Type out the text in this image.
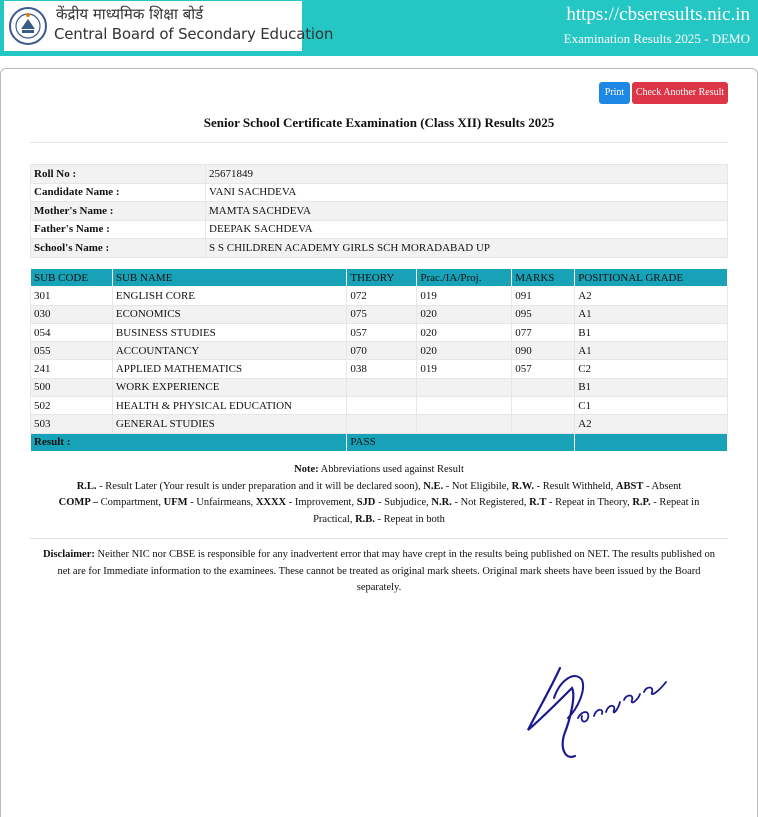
केंद्रीय माध्यमिक शिक्षा बोर्ड
Central Board of Secondary Education
https://cbseresults.nic.in
Examination Results 2025 - DEMO
Print	Check Another Result
Senior School Certificate Examination (Class XII) Results 2025
Roll No :	25671849
Candidate Name :	VANI SACHDEVA
Mother's Name :	MAMTA SACHDEVA
Father's Name :	DEEPAK SACHDEVA
School's Name :	S S CHILDREN ACADEMY GIRLS SCH MORADABAD UP
SUB CODE	SUB NAME	THEORY	Prac./IA/Proj.	MARKS	POSITIONAL GRADE
301	ENGLISH CORE	072	019	091	A2
030	ECONOMICS	075	020	095	A1
054	BUSINESS STUDIES	057	020	077	B1
055	ACCOUNTANCY	070	020	090	A1
241	APPLIED MATHEMATICS	038	019	057	C2
500	WORK EXPERIENCE				B1
502	HEALTH & PHYSICAL EDUCATION				C1
503	GENERAL STUDIES				A2
Result :		PASS			
Note: Abbreviations used against Result
R.L. - Result Later (Your result is under preparation and it will be declared soon), N.E. - Not Eligibile, R.W. - Result Withheld, ABST - Absent
COMP – Compartment, UFM - Unfairmeans, XXXX - Improvement, SJD - Subjudice, N.R. - Not Registered, R.T - Repeat in Theory, R.P. - Repeat in Practical, R.B. - Repeat in both
Disclaimer: Neither NIC nor CBSE is responsible for any inadvertent error that may have crept in the results being published on NET. The results published on net are for Immediate information to the examinees. These cannot be treated as original mark sheets. Original mark sheets have been issued by the Board separately.
